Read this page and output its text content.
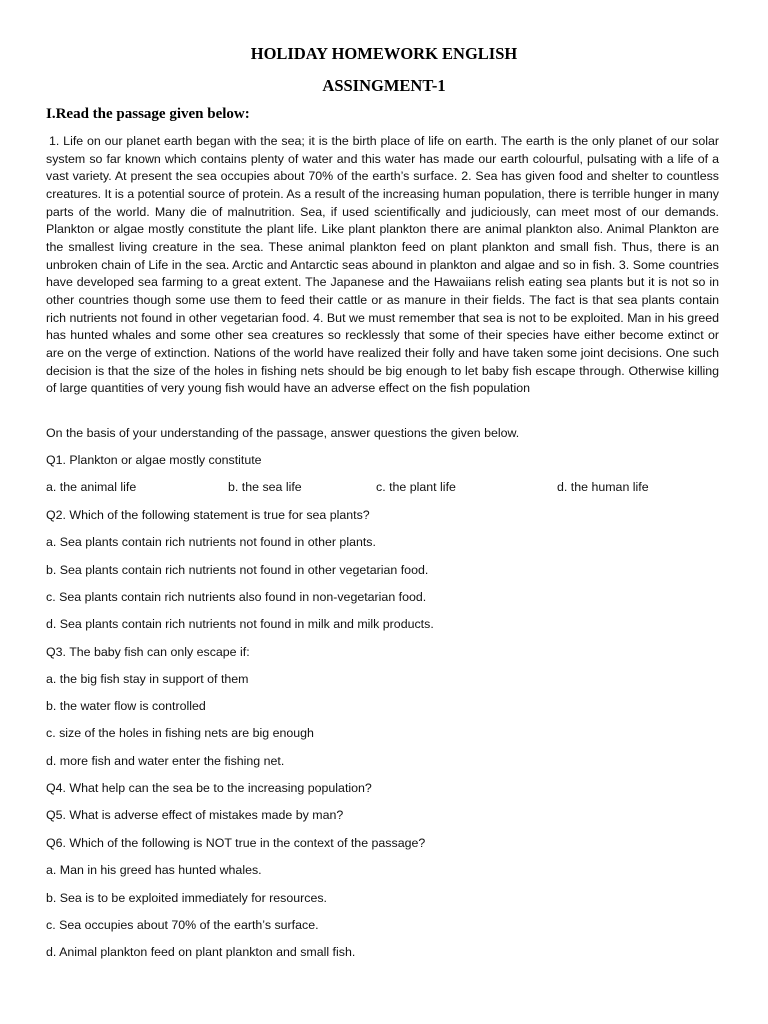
HOLIDAY HOMEWORK ENGLISH
ASSINGMENT-1
I.Read the passage given below:
1. Life on our planet earth began with the sea; it is the birth place of life on earth. The earth is the only planet of our solar system so far known which contains plenty of water and this water has made our earth colourful, pulsating with a life of a vast variety. At present the sea occupies about 70% of the earth’s surface. 2. Sea has given food and shelter to countless creatures. It is a potential source of protein. As a result of the increasing human population, there is terrible hunger in many parts of the world. Many die of malnutrition. Sea, if used scientifically and judiciously, can meet most of our demands. Plankton or algae mostly constitute the plant life. Like plant plankton there are animal plankton also. Animal Plankton are the smallest living creature in the sea. These animal plankton feed on plant plankton and small fish. Thus, there is an unbroken chain of Life in the sea. Arctic and Antarctic seas abound in plankton and algae and so in fish. 3. Some countries have developed sea farming to a great extent. The Japanese and the Hawaiians relish eating sea plants but it is not so in other countries though some use them to feed their cattle or as manure in their fields. The fact is that sea plants contain rich nutrients not found in other vegetarian food. 4. But we must remember that sea is not to be exploited. Man in his greed has hunted whales and some other sea creatures so recklessly that some of their species have either become extinct or are on the verge of extinction. Nations of the world have realized their folly and have taken some joint decisions. One such decision is that the size of the holes in fishing nets should be big enough to let baby fish escape through. Otherwise killing of large quantities of very young fish would have an adverse effect on the fish population
On the basis of your understanding of the passage, answer questions the given below.
Q1. Plankton or algae mostly constitute
a. the animal life	b. the sea life	c. the plant life	d. the human life
Q2. Which of the following statement is true for sea plants?
a. Sea plants contain rich nutrients not found in other plants.
b. Sea plants contain rich nutrients not found in other vegetarian food.
c. Sea plants contain rich nutrients also found in non-vegetarian food.
d. Sea plants contain rich nutrients not found in milk and milk products.
Q3. The baby fish can only escape if:
a. the big fish stay in support of them
b. the water flow is controlled
c. size of the holes in fishing nets are big enough
d. more fish and water enter the fishing net.
Q4. What help can the sea be to the increasing population?
Q5. What is adverse effect of mistakes made by man?
Q6. Which of the following is NOT true in the context of the passage?
a. Man in his greed has hunted whales.
b. Sea is to be exploited immediately for resources.
c. Sea occupies about 70% of the earth’s surface.
d. Animal plankton feed on plant plankton and small fish.
